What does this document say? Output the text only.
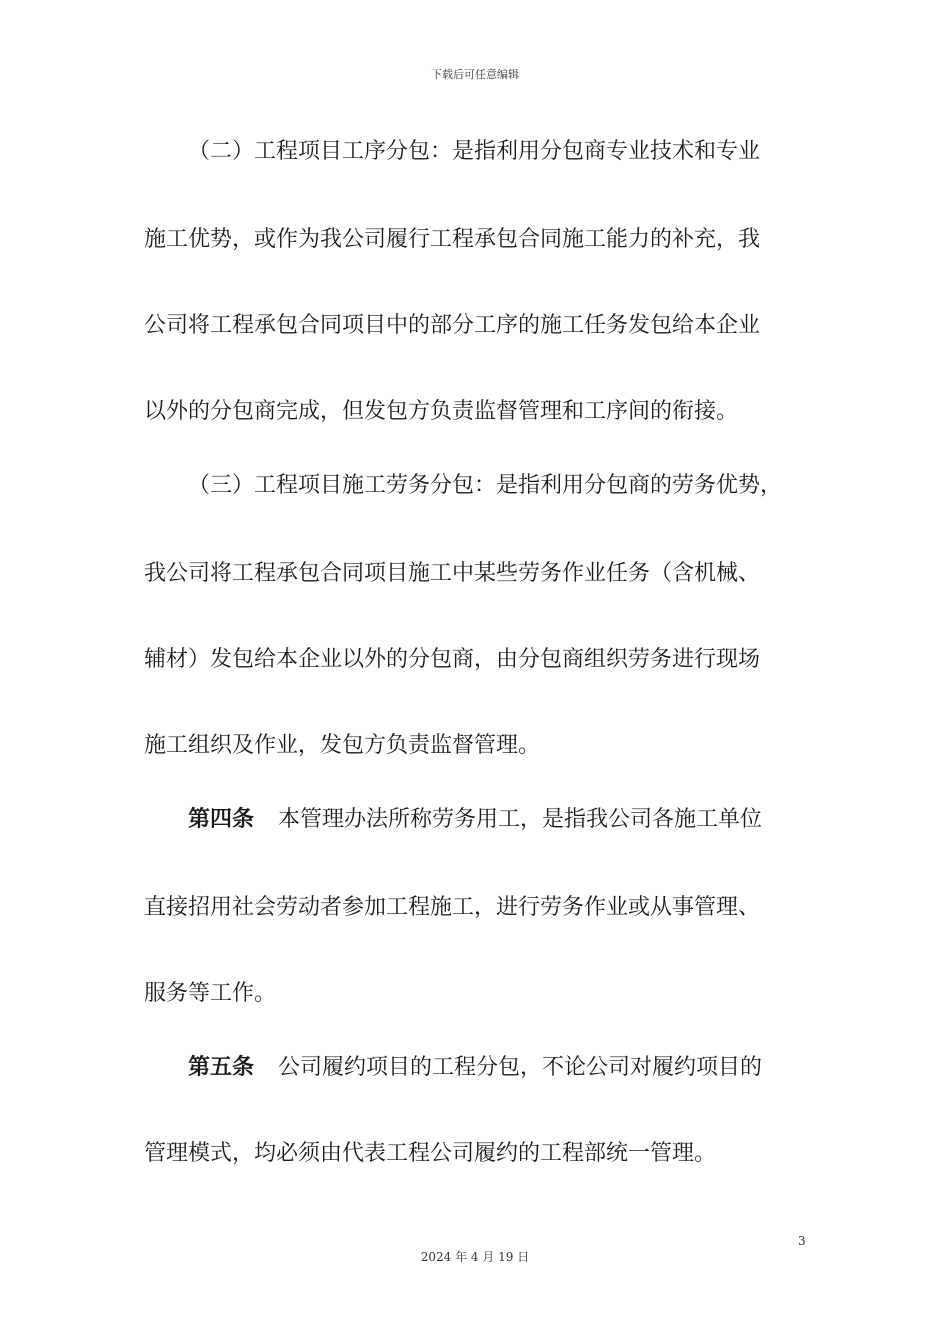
下载后可任意编辑
（二）工程项目工序分包：是指利用分包商专业技术和专业
施工优势，或作为我公司履行工程承包合同施工能力的补充，我
公司将工程承包合同项目中的部分工序的施工任务发包给本企业
以外的分包商完成，但发包方负责监督管理和工序间的衔接。
（三）工程项目施工劳务分包：是指利用分包商的劳务优势，
我公司将工程承包合同项目施工中某些劳务作业任务（含机械、
辅材）发包给本企业以外的分包商，由分包商组织劳务进行现场
施工组织及作业，发包方负责监督管理。
第四条 本管理办法所称劳务用工，是指我公司各施工单位
直接招用社会劳动者参加工程施工，进行劳务作业或从事管理、
服务等工作。
第五条 公司履约项目的工程分包，不论公司对履约项目的
管理模式，均必须由代表工程公司履约的工程部统一管理。
3
2024 年 4 月 19 日
